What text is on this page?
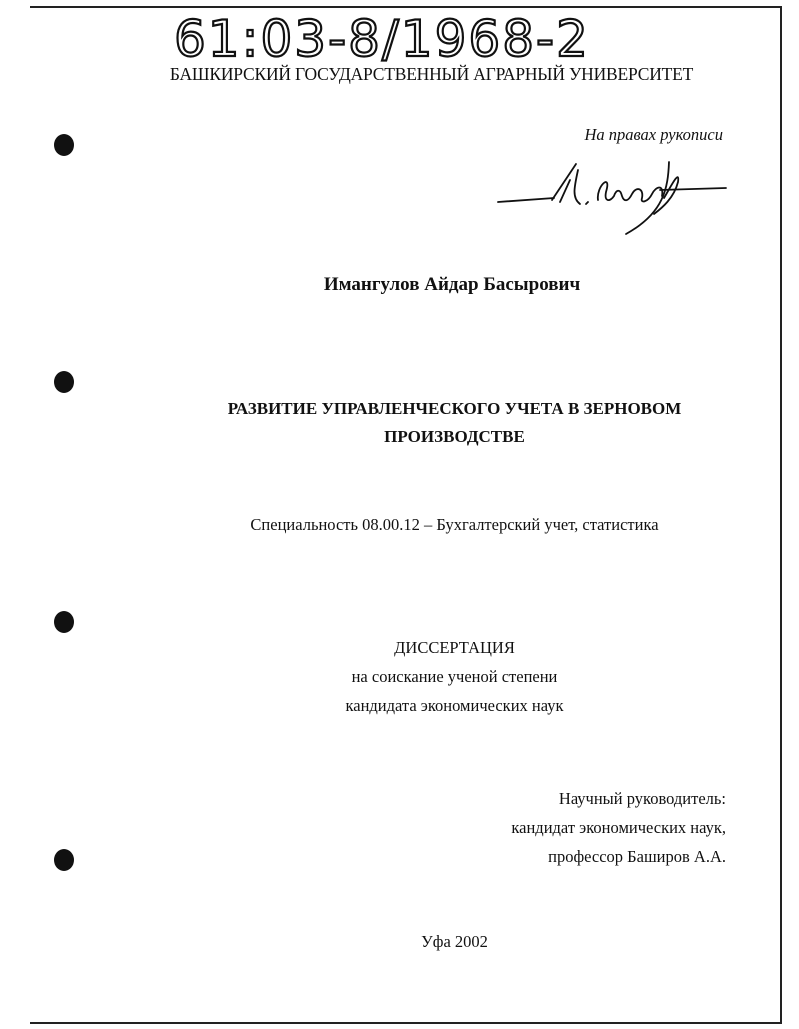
61:03-8/1968-2
БАШКИРСКИЙ ГОСУДАРСТВЕННЫЙ АГРАРНЫЙ УНИВЕРСИТЕТ
На правах рукописи
Имангулов Айдар Басырович
РАЗВИТИЕ УПРАВЛЕНЧЕСКОГО УЧЕТА В ЗЕРНОВОМ
ПРОИЗВОДСТВЕ
Специальность 08.00.12 – Бухгалтерский учет, статистика
ДИССЕРТАЦИЯ
на соискание ученой степени
кандидата экономических наук
Научный руководитель:
кандидат экономических наук,
профессор Баширов А.А.
Уфа 2002
